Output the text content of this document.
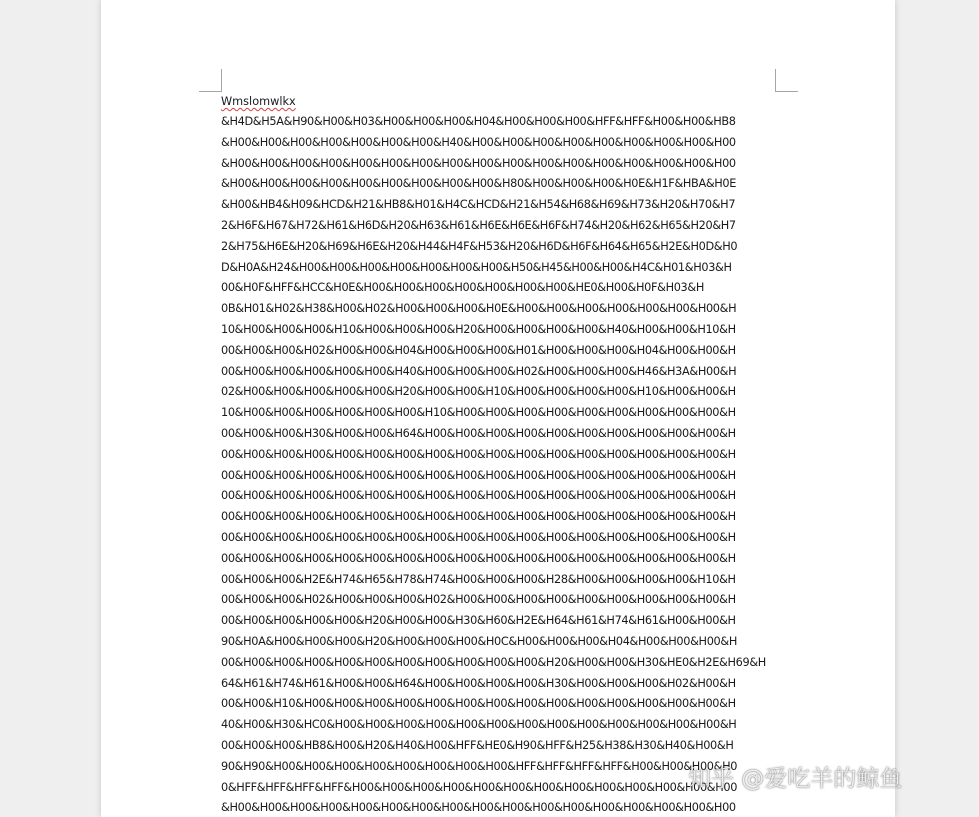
Wmslomwlkx
&H4D&H5A&H90&H00&H03&H00&H00&H00&H04&H00&H00&H00&HFF&HFF&H00&H00&HB8
&H00&H00&H00&H00&H00&H00&H00&H40&H00&H00&H00&H00&H00&H00&H00&H00&H00
&H00&H00&H00&H00&H00&H00&H00&H00&H00&H00&H00&H00&H00&H00&H00&H00&H00
&H00&H00&H00&H00&H00&H00&H00&H00&H00&H80&H00&H00&H00&H0E&H1F&HBA&H0E
&H00&HB4&H09&HCD&H21&HB8&H01&H4C&HCD&H21&H54&H68&H69&H73&H20&H70&H7
2&H6F&H67&H72&H61&H6D&H20&H63&H61&H6E&H6E&H6F&H74&H20&H62&H65&H20&H7
2&H75&H6E&H20&H69&H6E&H20&H44&H4F&H53&H20&H6D&H6F&H64&H65&H2E&H0D&H0
D&H0A&H24&H00&H00&H00&H00&H00&H00&H00&H50&H45&H00&H00&H4C&H01&H03&H
00&H0F&HFF&HCC&H0E&H00&H00&H00&H00&H00&H00&H00&HE0&H00&H0F&H03&H
0B&H01&H02&H38&H00&H02&H00&H00&H00&H0E&H00&H00&H00&H00&H00&H00&H00&H
10&H00&H00&H00&H10&H00&H00&H00&H20&H00&H00&H00&H00&H40&H00&H00&H10&H
00&H00&H00&H02&H00&H00&H04&H00&H00&H00&H01&H00&H00&H00&H04&H00&H00&H
00&H00&H00&H00&H00&H00&H40&H00&H00&H00&H02&H00&H00&H00&H46&H3A&H00&H
02&H00&H00&H00&H00&H00&H20&H00&H00&H10&H00&H00&H00&H00&H10&H00&H00&H
10&H00&H00&H00&H00&H00&H00&H10&H00&H00&H00&H00&H00&H00&H00&H00&H00&H
00&H00&H00&H30&H00&H00&H64&H00&H00&H00&H00&H00&H00&H00&H00&H00&H00&H
00&H00&H00&H00&H00&H00&H00&H00&H00&H00&H00&H00&H00&H00&H00&H00&H00&H
00&H00&H00&H00&H00&H00&H00&H00&H00&H00&H00&H00&H00&H00&H00&H00&H00&H
00&H00&H00&H00&H00&H00&H00&H00&H00&H00&H00&H00&H00&H00&H00&H00&H00&H
00&H00&H00&H00&H00&H00&H00&H00&H00&H00&H00&H00&H00&H00&H00&H00&H00&H
00&H00&H00&H00&H00&H00&H00&H00&H00&H00&H00&H00&H00&H00&H00&H00&H00&H
00&H00&H00&H00&H00&H00&H00&H00&H00&H00&H00&H00&H00&H00&H00&H00&H00&H
00&H00&H00&H2E&H74&H65&H78&H74&H00&H00&H00&H28&H00&H00&H00&H00&H10&H
00&H00&H00&H02&H00&H00&H00&H02&H00&H00&H00&H00&H00&H00&H00&H00&H00&H
00&H00&H00&H00&H00&H20&H00&H00&H30&H60&H2E&H64&H61&H74&H61&H00&H00&H
90&H0A&H00&H00&H00&H20&H00&H00&H00&H0C&H00&H00&H00&H04&H00&H00&H00&H
00&H00&H00&H00&H00&H00&H00&H00&H00&H00&H00&H20&H00&H00&H30&HE0&H2E&H69&H
64&H61&H74&H61&H00&H00&H64&H00&H00&H00&H00&H30&H00&H00&H00&H02&H00&H
00&H00&H10&H00&H00&H00&H00&H00&H00&H00&H00&H00&H00&H00&H00&H00&H00&H
40&H00&H30&HC0&H00&H00&H00&H00&H00&H00&H00&H00&H00&H00&H00&H00&H00&H
00&H00&H00&HB8&H00&H20&H40&H00&HFF&HE0&H90&HFF&H25&H38&H30&H40&H00&H
90&H90&H00&H00&H00&H00&H00&H00&H00&H00&HFF&HFF&HFF&HFF&H00&H00&H00&H0
0&HFF&HFF&HFF&HFF&H00&H00&H00&H00&H00&H00&H00&H00&H00&H00&H00&H00&H00
&H00&H00&H00&H00&H00&H00&H00&H00&H00&H00&H00&H00&H00&H00&H00&H00&H00
知乎 @爱吃羊的鲸鱼
